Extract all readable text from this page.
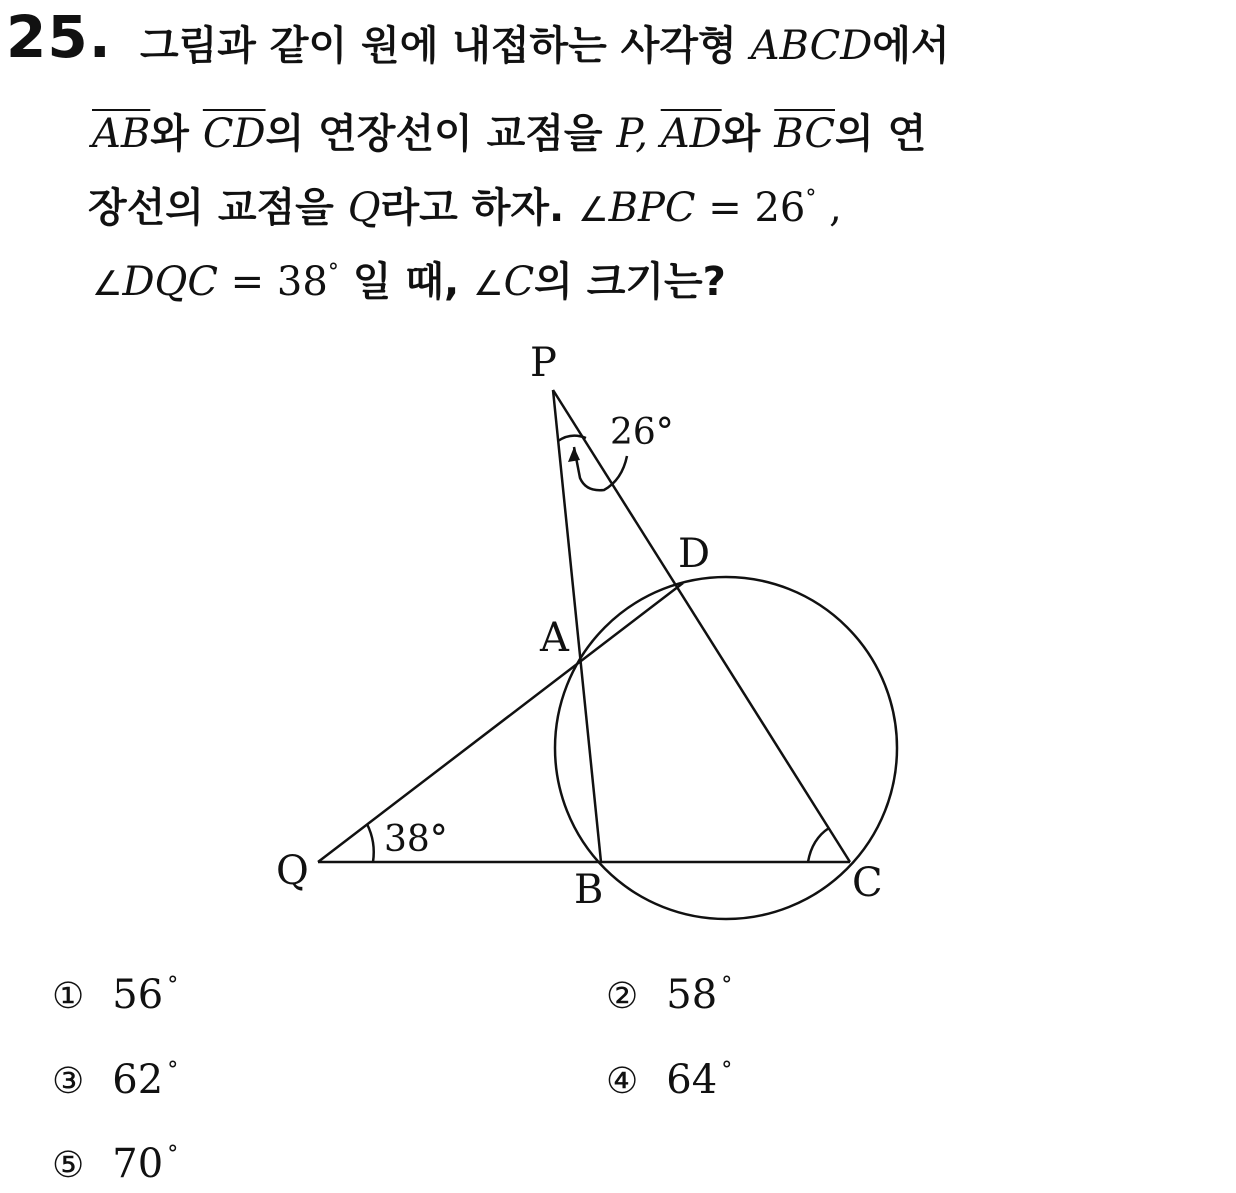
25. 그림과 같이 원에 내접하는 사각형 ABCD에서
$\overline{AB}$와 $\overline{CD}$의 연장선이 교점을 P, $\overline{AD}$와 $\overline{BC}$의 연
장선의 교점을 Q라고 하자. ∠BPC = 26° ,
∠DQC = 38° 일 때, ∠C의 크기는?
P
D
A
Q	B	C
26°
38°
① 56 °	② 58 °
③ 62 °	④ 64 °
⑤ 70 °
